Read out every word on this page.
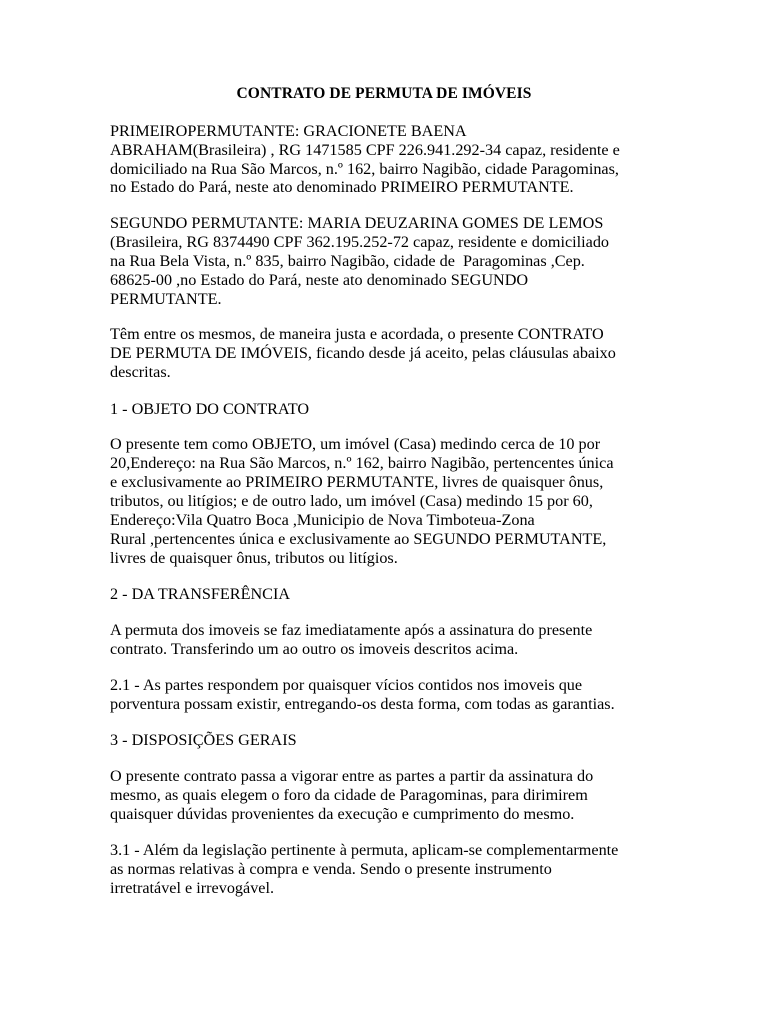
CONTRATO DE PERMUTA DE IMÓVEIS
PRIMEIROPERMUTANTE: GRACIONETE BAENA
ABRAHAM(Brasileira) , RG 1471585 CPF 226.941.292-34 capaz, residente e
domiciliado na Rua São Marcos, n.º 162, bairro Nagibão, cidade Paragominas,
no Estado do Pará, neste ato denominado PRIMEIRO PERMUTANTE.
SEGUNDO PERMUTANTE: MARIA DEUZARINA GOMES DE LEMOS
(Brasileira, RG 8374490 CPF 362.195.252-72 capaz, residente e domiciliado
na Rua Bela Vista, n.º 835, bairro Nagibão, cidade de  Paragominas ,Cep.
68625-00 ,no Estado do Pará, neste ato denominado SEGUNDO
PERMUTANTE.
Têm entre os mesmos, de maneira justa e acordada, o presente CONTRATO
DE PERMUTA DE IMÓVEIS, ficando desde já aceito, pelas cláusulas abaixo
descritas.
1 - OBJETO DO CONTRATO
O presente tem como OBJETO, um imóvel (Casa) medindo cerca de 10 por
20,Endereço: na Rua São Marcos, n.º 162, bairro Nagibão, pertencentes única
e exclusivamente ao PRIMEIRO PERMUTANTE, livres de quaisquer ônus,
tributos, ou litígios; e de outro lado, um imóvel (Casa) medindo 15 por 60,
Endereço:Vila Quatro Boca ,Municipio de Nova Timboteua-Zona
Rural ,pertencentes única e exclusivamente ao SEGUNDO PERMUTANTE,
livres de quaisquer ônus, tributos ou litígios.
2 - DA TRANSFERÊNCIA
A permuta dos imoveis se faz imediatamente após a assinatura do presente
contrato. Transferindo um ao outro os imoveis descritos acima.
2.1 - As partes respondem por quaisquer vícios contidos nos imoveis que
porventura possam existir, entregando-os desta forma, com todas as garantias.
3 - DISPOSIÇÕES GERAIS
O presente contrato passa a vigorar entre as partes a partir da assinatura do
mesmo, as quais elegem o foro da cidade de Paragominas, para dirimirem
quaisquer dúvidas provenientes da execução e cumprimento do mesmo.
3.1 - Além da legislação pertinente à permuta, aplicam-se complementarmente
as normas relativas à compra e venda. Sendo o presente instrumento
irretratável e irrevogável.
